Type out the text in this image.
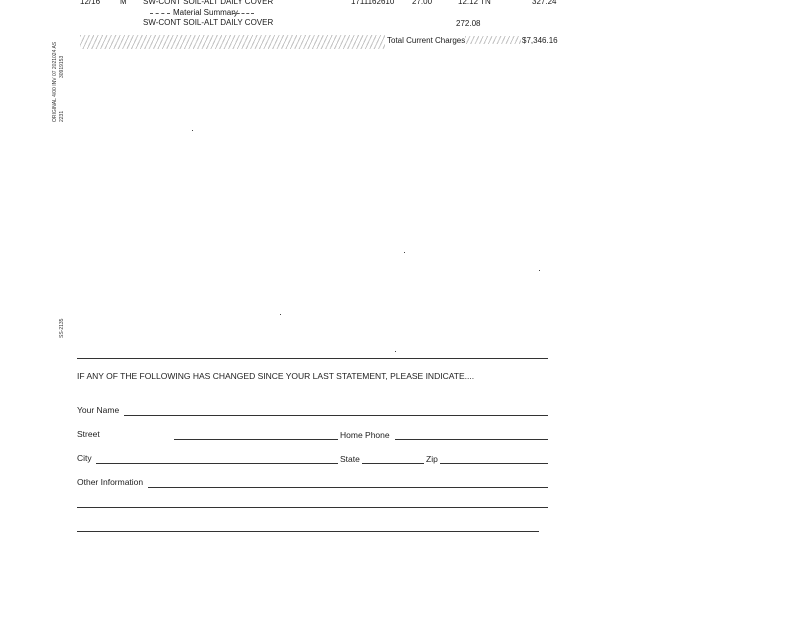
ORIGINAL 4/00 INV 07 2021024 AS 30919153
2231
SS-2135
12/16 M SW-CONT SOIL-ALT DAILY COVER	1711162610 27.00	12.12 TN	327.24
Material Summary
SW-CONT SOIL-ALT DAILY COVER	272.08
Total Current Charges	$7,346.16
IF ANY OF THE FOLLOWING HAS CHANGED SINCE YOUR LAST STATEMENT, PLEASE INDICATE....
Your Name
Street	Home Phone
City	State	Zip
Other Information
